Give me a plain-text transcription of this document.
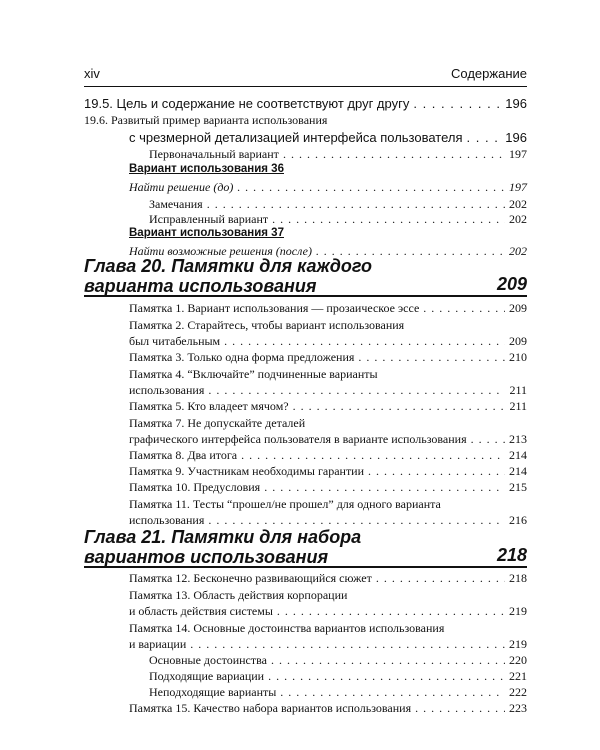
xiv	Содержание
19.5. Цель и содержание не соответствуют друг другу . . .	196
19.6. Развитый пример варианта использования
с чрезмерной детализацией интерфейса пользователя . . .	196
Первоначальный вариант . . .	197
Вариант использования 36
Найти решение (до) . . .	197
Замечания . . .	202
Исправленный вариант . . .	202
Вариант использования 37
Найти возможные решения (после) . . .	202
Глава 20. Памятки для каждого
варианта использования	209
Памятка 1. Вариант использования — прозаическое эссе . . .	209
Памятка 2. Старайтесь, чтобы вариант использования
был читабельным . . .	209
Памятка 3. Только одна форма предложения . . .	210
Памятка 4. “Включайте” подчиненные варианты
использования . . .	211
Памятка 5. Кто владеет мячом? . . .	211
Памятка 7. Не допускайте деталей
графического интерфейса пользователя в варианте использования . . .	213
Памятка 8. Два итога . . .	214
Памятка 9. Участникам необходимы гарантии . . .	214
Памятка 10. Предусловия . . .	215
Памятка 11. Тесты “прошел/не прошел” для одного варианта
использования . . .	216
Глава 21. Памятки для набора
вариантов использования	218
Памятка 12. Бесконечно развивающийся сюжет . . .	218
Памятка 13. Область действия корпорации
и область действия системы . . .	219
Памятка 14. Основные достоинства вариантов использования
и вариации . . .	219
Основные достоинства . . .	220
Подходящие вариации . . .	221
Неподходящие варианты . . .	222
Памятка 15. Качество набора вариантов использования . . .	223
